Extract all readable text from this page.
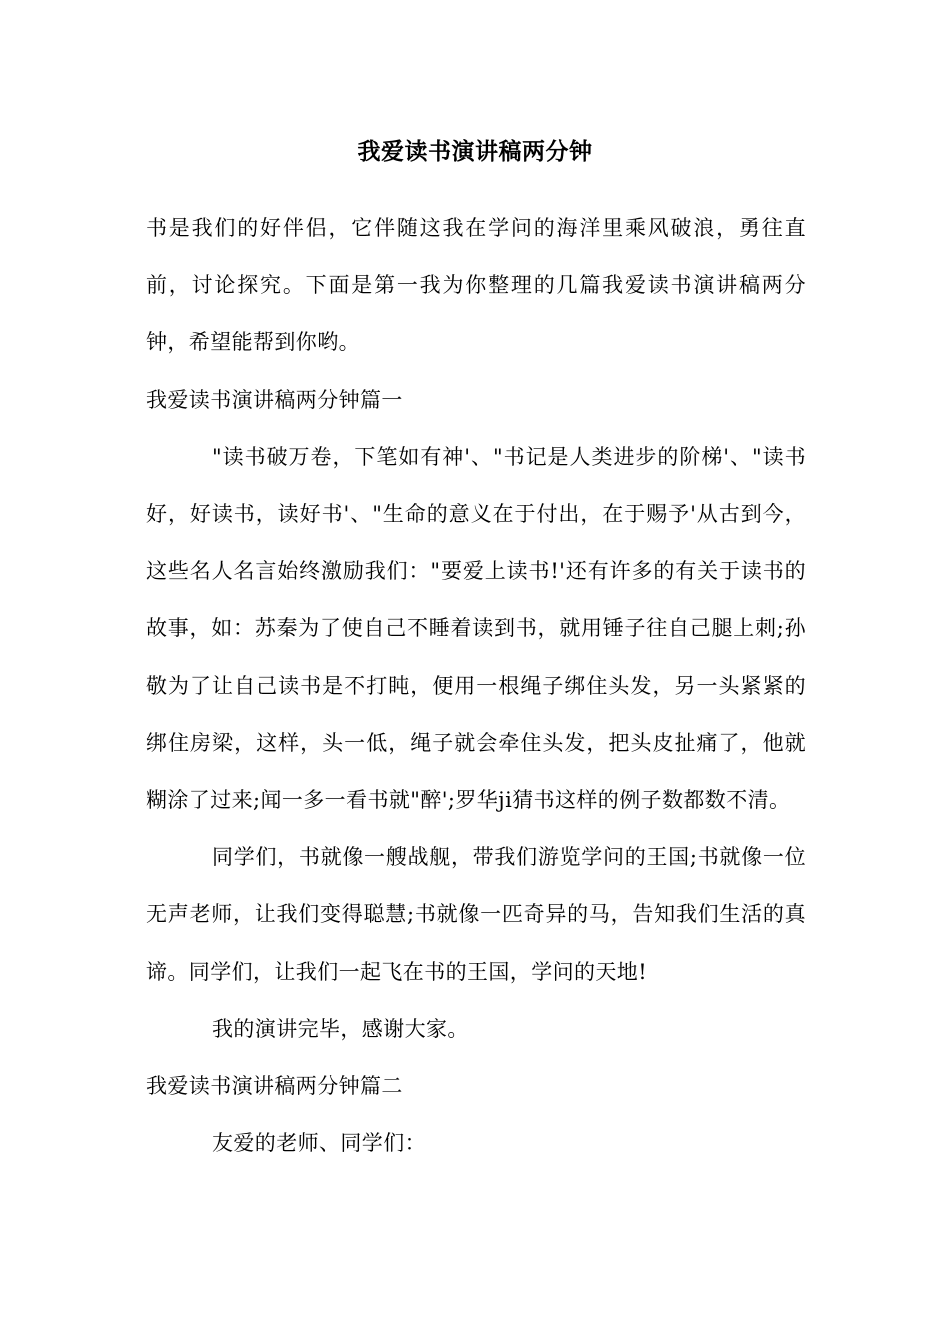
我爱读书演讲稿两分钟

书是我们的好伴侣，它伴随这我在学问的海洋里乘风破浪，勇往直前，讨论探究。下面是第一我为你整理的几篇我爱读书演讲稿两分钟，希望能帮到你哟。

我爱读书演讲稿两分钟篇一

"读书破万卷，下笔如有神'、"书记是人类进步的阶梯'、"读书好，好读书，读好书'、"生命的意义在于付出，在于赐予'从古到今，这些名人名言始终激励我们："要爱上读书!'还有许多的有关于读书的故事，如：苏秦为了使自己不睡着读到书，就用锤子往自己腿上刺;孙敬为了让自己读书是不打盹，便用一根绳子绑住头发，另一头紧紧的绑住房梁，这样，头一低，绳子就会牵住头发，把头皮扯痛了，他就糊涂了过来;闻一多一看书就"醉';罗华ji猜书这样的例子数都数不清。

同学们，书就像一艘战舰，带我们游览学问的王国;书就像一位无声老师，让我们变得聪慧;书就像一匹奇异的马，告知我们生活的真谛。同学们，让我们一起飞在书的王国，学问的天地!

我的演讲完毕，感谢大家。

我爱读书演讲稿两分钟篇二

友爱的老师、同学们：
